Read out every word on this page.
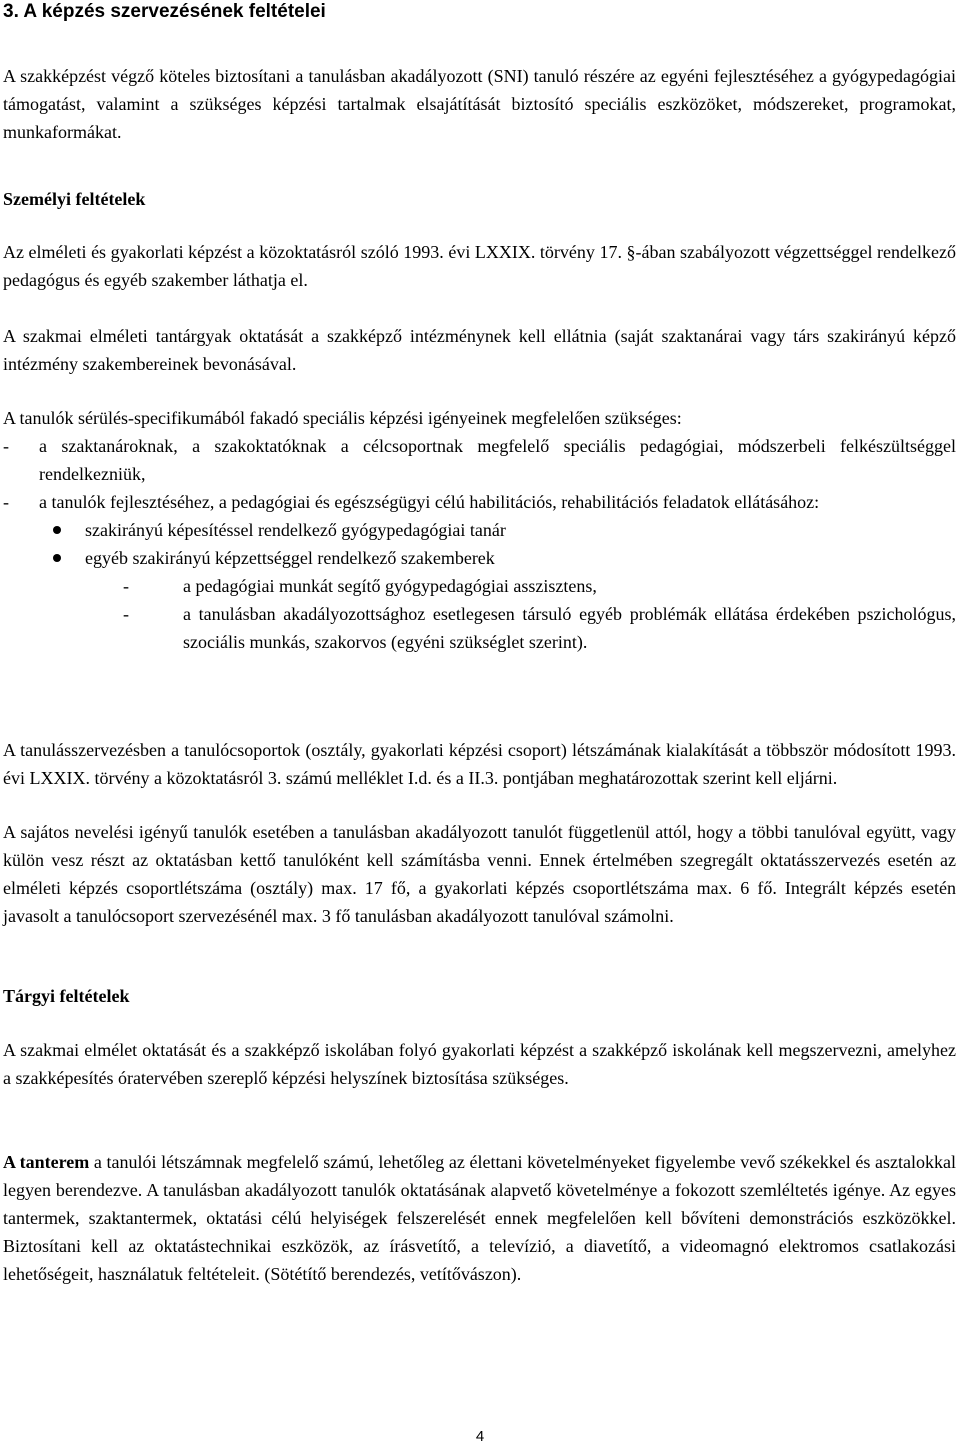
3. A képzés szervezésének feltételei

A szakképzést végző köteles biztosítani a tanulásban akadályozott (SNI) tanuló részére az egyéni fejlesztéséhez a gyógypedagógiai támogatást, valamint a szükséges képzési tartalmak elsajátítását biztosító speciális eszközöket, módszereket, programokat, munkaformákat.

Személyi feltételek

Az elméleti és gyakorlati képzést a közoktatásról szóló 1993. évi LXXIX. törvény 17. §-ában szabályozott végzettséggel rendelkező pedagógus és egyéb szakember láthatja el.

A szakmai elméleti tantárgyak oktatását a szakképző intézménynek kell ellátnia (saját szaktanárai vagy társ szakirányú képző intézmény szakembereinek bevonásával.

A tanulók sérülés-specifikumából fakadó speciális képzési igényeinek megfelelően szükséges:

- a szaktanároknak, a szakoktatóknak a célcsoportnak megfelelő speciális pedagógiai, módszerbeli felkészültséggel rendelkezniük,
- a tanulók fejlesztéséhez, a pedagógiai és egészségügyi célú habilitációs, rehabilitációs feladatok ellátásához:
szakirányú képesítéssel rendelkező gyógypedagógiai tanár
egyéb szakirányú képzettséggel rendelkező szakemberek
-	a pedagógiai munkát segítő gyógypedagógiai asszisztens,
-	a tanulásban akadályozottsághoz esetlegesen társuló egyéb problémák ellátása érdekében pszichológus, szociális munkás, szakorvos (egyéni szükséglet szerint).

A tanulásszervezésben a tanulócsoportok (osztály, gyakorlati képzési csoport) létszámának kialakítását a többször módosított 1993. évi LXXIX. törvény a közoktatásról 3. számú melléklet I.d. és a II.3. pontjában meghatározottak szerint kell eljárni.

A sajátos nevelési igényű tanulók esetében a tanulásban akadályozott tanulót függetlenül attól, hogy a többi tanulóval együtt, vagy külön vesz részt az oktatásban kettő tanulóként kell számításba venni. Ennek értelmében szegregált oktatásszervezés esetén az elméleti képzés csoportlétszáma (osztály) max. 17 fő, a gyakorlati képzés csoportlétszáma max. 6 fő. Integrált képzés esetén javasolt a tanulócsoport szervezésénél max. 3 fő tanulásban akadályozott tanulóval számolni.

Tárgyi feltételek

A szakmai elmélet oktatását és a szakképző iskolában folyó gyakorlati képzést a szakképző iskolának kell megszervezni, amelyhez a szakképesítés óratervében szereplő képzési helyszínek biztosítása szükséges.

A tanterem a tanulói létszámnak megfelelő számú, lehetőleg az élettani követelményeket figyelembe vevő székekkel és asztalokkal legyen berendezve. A tanulásban akadályozott tanulók oktatásának alapvető követelménye a fokozott szemléltetés igénye. Az egyes tantermek, szaktantermek, oktatási célú helyiségek felszerelését ennek megfelelően kell bővíteni demonstrációs eszközökkel. Biztosítani kell az oktatástechnikai eszközök, az írásvetítő, a televízió, a diavetítő, a videomagnó elektromos csatlakozási lehetőségeit, használatuk feltételeit. (Sötétítő berendezés, vetítővászon).

4
